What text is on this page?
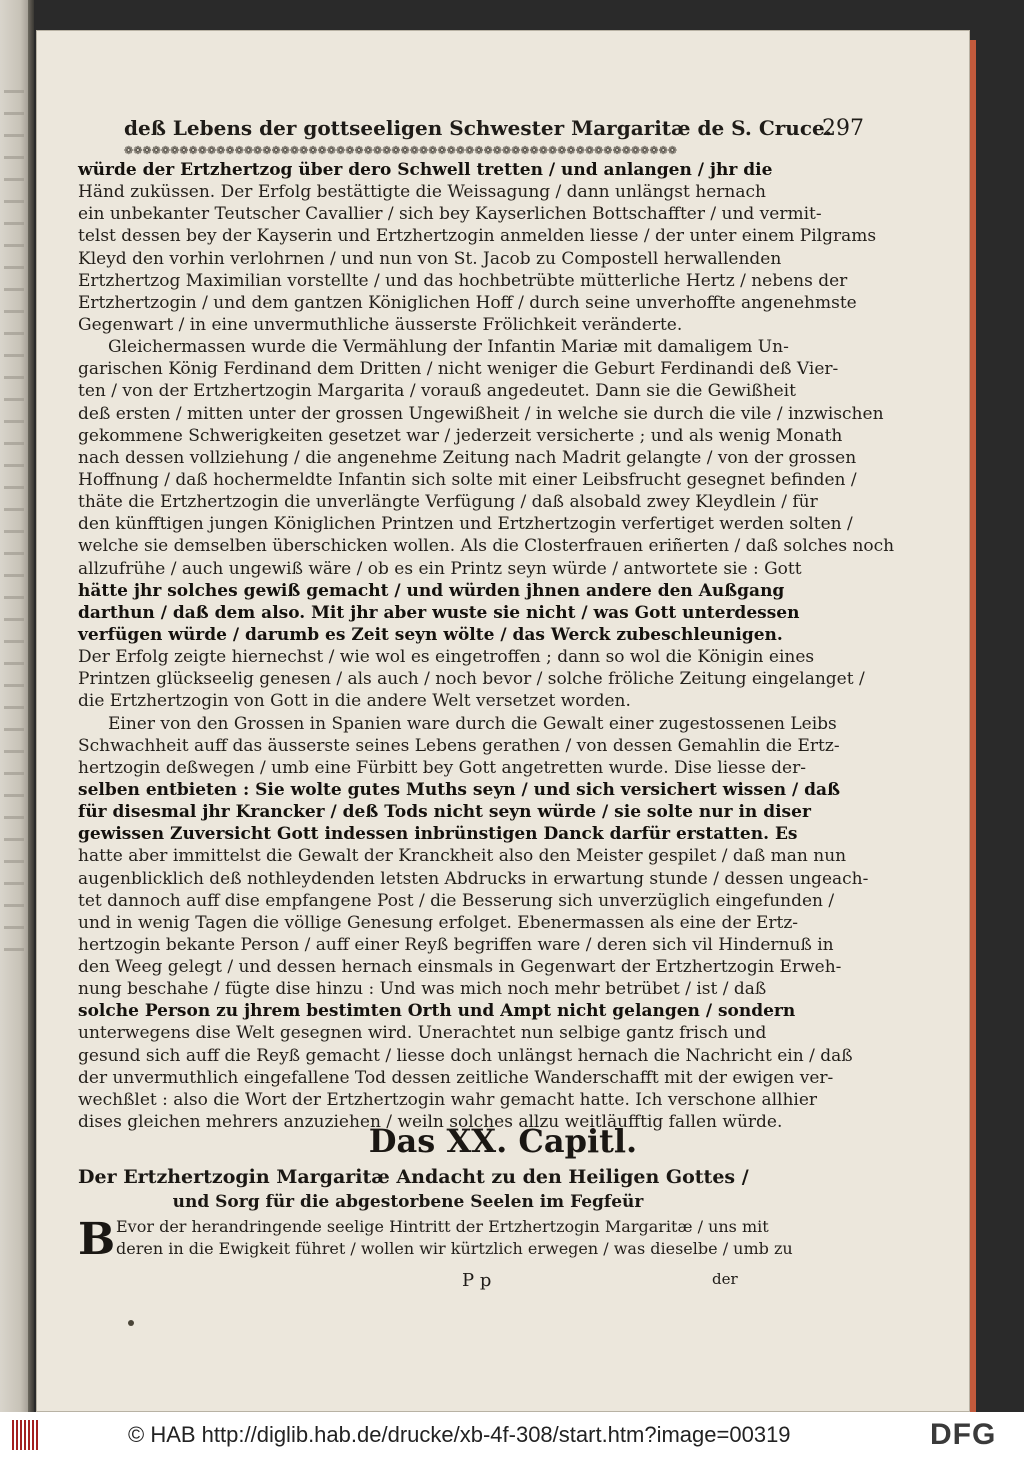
deß Lebens der gottseeligen Schwester Margaritæ de S. Cruce.
297
❁❁❁❁❁❁❁❁❁❁❁❁❁❁❁❁❁❁❁❁❁❁❁❁❁❁❁❁❁❁❁❁❁❁❁❁❁❁❁❁❁❁❁❁❁❁❁❁❁❁❁❁❁❁❁❁❁❁❁❁
würde der Ertzhertzog über dero Schwell tretten / und anlangen / jhr die
Händ zuküssen. Der Erfolg bestättigte die Weissagung / dann unlängst hernach
ein unbekanter Teutscher Cavallier / sich bey Kayserlichen Bottschaffter / und vermit-
telst dessen bey der Kayserin und Ertzhertzogin anmelden liesse / der unter einem Pilgrams
Kleyd den vorhin verlohrnen / und nun von St. Jacob zu Compostell herwallenden
Ertzhertzog Maximilian vorstellte / und das hochbetrübte mütterliche Hertz / nebens der
Ertzhertzogin / und dem gantzen Königlichen Hoff / durch seine unverhoffte angenehmste
Gegenwart / in eine unvermuthliche äusserste Frölichkeit veränderte.
Gleichermassen wurde die Vermählung der Infantin Mariæ mit damaligem Un-
garischen König Ferdinand dem Dritten / nicht weniger die Geburt Ferdinandi deß Vier-
ten / von der Ertzhertzogin Margarita / vorauß angedeutet. Dann sie die Gewißheit
deß ersten / mitten unter der grossen Ungewißheit / in welche sie durch die vile / inzwischen
gekommene Schwerigkeiten gesetzet war / jederzeit versicherte ; und als wenig Monath
nach dessen vollziehung / die angenehme Zeitung nach Madrit gelangte / von der grossen
Hoffnung / daß hochermeldte Infantin sich solte mit einer Leibsfrucht gesegnet befinden /
thäte die Ertzhertzogin die unverlängte Verfügung / daß alsobald zwey Kleydlein / für
den künfftigen jungen Königlichen Printzen und Ertzhertzogin verfertiget werden solten /
welche sie demselben überschicken wollen. Als die Closterfrauen eriñerten / daß solches noch
allzufrühe / auch ungewiß wäre / ob es ein Printz seyn würde / antwortete sie : Gott
hätte jhr solches gewiß gemacht / und würden jhnen andere den Außgang
darthun / daß dem also. Mit jhr aber wuste sie nicht / was Gott unterdessen
verfügen würde / darumb es Zeit seyn wölte / das Werck zubeschleunigen.
Der Erfolg zeigte hiernechst / wie wol es eingetroffen ; dann so wol die Königin eines
Printzen glückseelig genesen / als auch / noch bevor / solche fröliche Zeitung eingelanget /
die Ertzhertzogin von Gott in die andere Welt versetzet worden.
Einer von den Grossen in Spanien ware durch die Gewalt einer zugestossenen Leibs
Schwachheit auff das äusserste seines Lebens gerathen / von dessen Gemahlin die Ertz-
hertzogin deßwegen / umb eine Fürbitt bey Gott angetretten wurde. Dise liesse der-
selben entbieten : Sie wolte gutes Muths seyn / und sich versichert wissen / daß
für disesmal jhr Krancker / deß Tods nicht seyn würde / sie solte nur in diser
gewissen Zuversicht Gott indessen inbrünstigen Danck darfür erstatten. Es
hatte aber immittelst die Gewalt der Kranckheit also den Meister gespilet / daß man nun
augenblicklich deß nothleydenden letsten Abdrucks in erwartung stunde / dessen ungeach-
tet dannoch auff dise empfangene Post / die Besserung sich unverzüglich eingefunden /
und in wenig Tagen die völlige Genesung erfolget. Ebenermassen als eine der Ertz-
hertzogin bekante Person / auff einer Reyß begriffen ware / deren sich vil Hindernuß in
den Weeg gelegt / und dessen hernach einsmals in Gegenwart der Ertzhertzogin Erweh-
nung beschahe / fügte dise hinzu : Und was mich noch mehr betrübet / ist / daß
solche Person zu jhrem bestimten Orth und Ampt nicht gelangen / sondern
unterwegens dise Welt gesegnen wird. Unerachtet nun selbige gantz frisch und
gesund sich auff die Reyß gemacht / liesse doch unlängst hernach die Nachricht ein / daß
der unvermuthlich eingefallene Tod dessen zeitliche Wanderschafft mit der ewigen ver-
wechßlet : also die Wort der Ertzhertzogin wahr gemacht hatte. Ich verschone allhier
dises gleichen mehrers anzuziehen / weiln solches allzu weitläufftig fallen würde.
Das XX. Capitl.
Der Ertzhertzogin Margaritæ Andacht zu den Heiligen Gottes /
und Sorg für die abgestorbene Seelen im Fegfeür
B Evor der herandringende seelige Hintritt der Ertzhertzogin Margaritæ / uns mit
deren in die Ewigkeit führet / wollen wir kürtzlich erwegen / was dieselbe / umb zu
P p	der
© HAB http://diglib.hab.de/drucke/xb-4f-308/start.htm?image=00319	DFG
